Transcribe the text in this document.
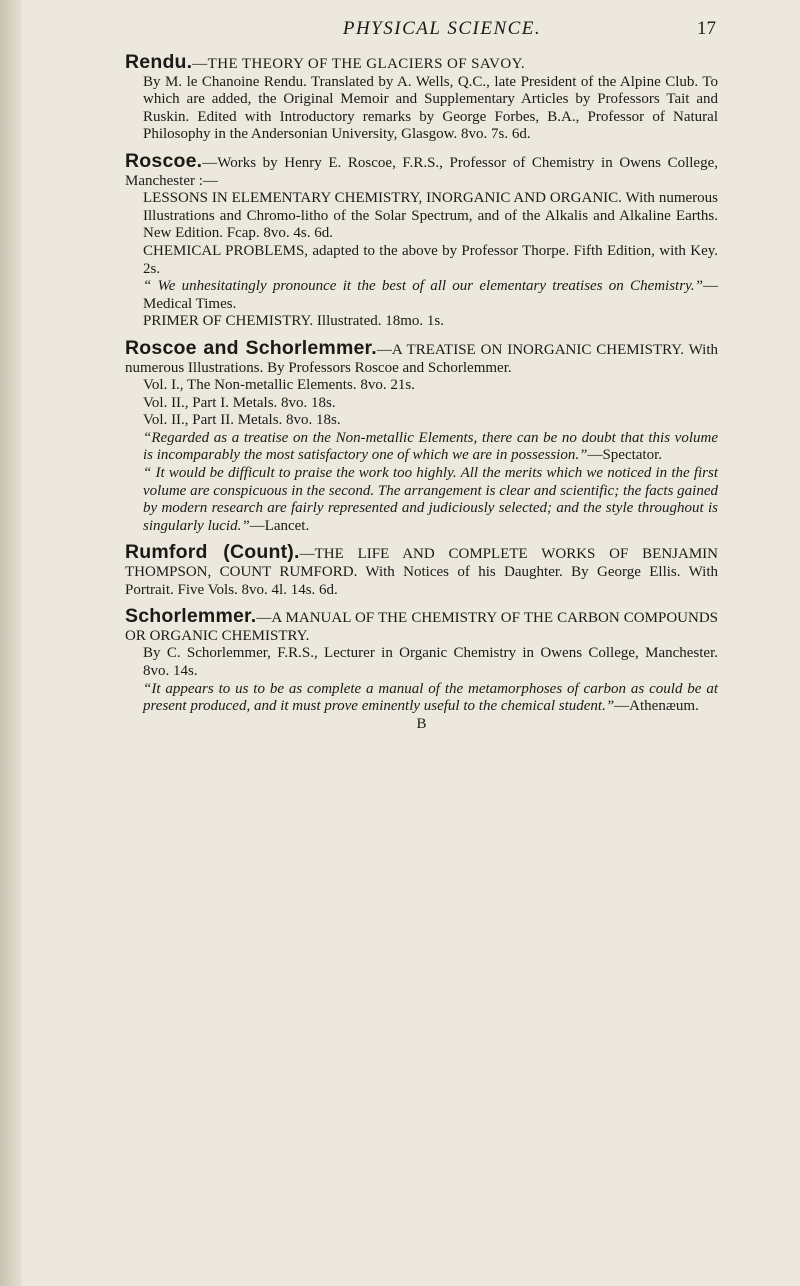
PHYSICAL SCIENCE.	17

Rendu.—THE THEORY OF THE GLACIERS OF SAVOY.

By M. le Chanoine Rendu. Translated by A. Wells, Q.C., late President of the Alpine Club. To which are added, the Original Memoir and Supplementary Articles by Professors Tait and Ruskin. Edited with Introductory remarks by George Forbes, B.A., Professor of Natural Philosophy in the Andersonian University, Glasgow. 8vo. 7s. 6d.

Roscoe.—Works by Henry E. Roscoe, F.R.S., Professor of Chemistry in Owens College, Manchester :—

LESSONS IN ELEMENTARY CHEMISTRY, INORGANIC AND ORGANIC. With numerous Illustrations and Chromo-litho of the Solar Spectrum, and of the Alkalis and Alkaline Earths. New Edition. Fcap. 8vo. 4s. 6d.

CHEMICAL PROBLEMS, adapted to the above by Professor Thorpe. Fifth Edition, with Key. 2s.

“ We unhesitatingly pronounce it the best of all our elementary treatises on Chemistry.”—Medical Times.

PRIMER OF CHEMISTRY. Illustrated. 18mo. 1s.

Roscoe and Schorlemmer.—A TREATISE ON INORGANIC CHEMISTRY. With numerous Illustrations. By Professors Roscoe and Schorlemmer.

Vol. I., The Non-metallic Elements. 8vo. 21s.

Vol. II., Part I. Metals. 8vo. 18s.

Vol. II., Part II. Metals. 8vo. 18s.

“Regarded as a treatise on the Non-metallic Elements, there can be no doubt that this volume is incomparably the most satisfactory one of which we are in possession.”—Spectator.

“ It would be difficult to praise the work too highly. All the merits which we noticed in the first volume are conspicuous in the second. The arrangement is clear and scientific; the facts gained by modern research are fairly represented and judiciously selected; and the style throughout is singularly lucid.”—Lancet.

Rumford (Count).—THE LIFE AND COMPLETE WORKS OF BENJAMIN THOMPSON, COUNT RUMFORD. With Notices of his Daughter. By George Ellis. With Portrait. Five Vols. 8vo. 4l. 14s. 6d.

Schorlemmer.—A MANUAL OF THE CHEMISTRY OF THE CARBON COMPOUNDS OR ORGANIC CHEMISTRY.

By C. Schorlemmer, F.R.S., Lecturer in Organic Chemistry in Owens College, Manchester. 8vo. 14s.

“It appears to us to be as complete a manual of the metamorphoses of carbon as could be at present produced, and it must prove eminently useful to the chemical student.”—Athenæum.

B
